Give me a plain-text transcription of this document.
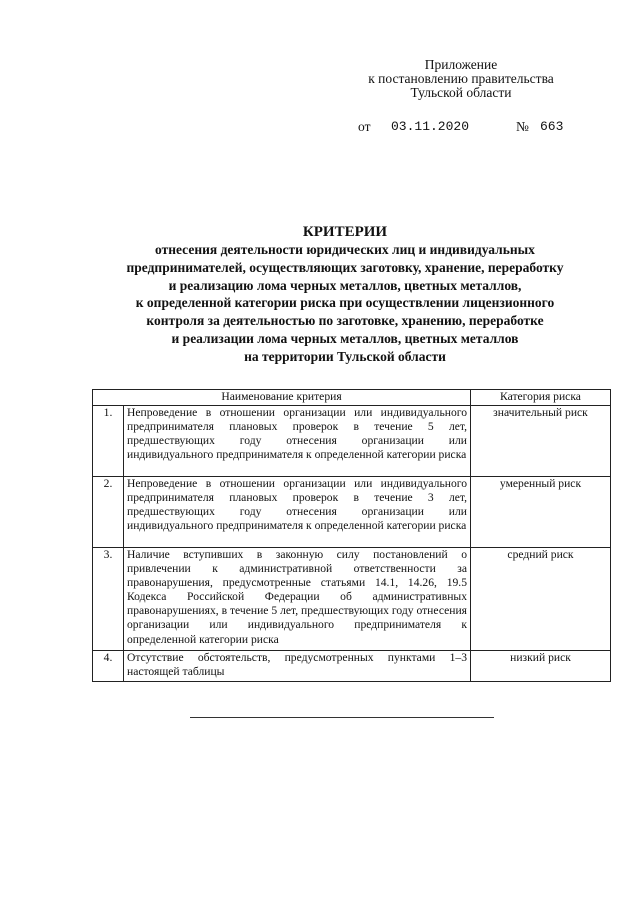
Приложение
к постановлению правительства
Тульской области
от 03.11.2020	№ 663

КРИТЕРИИ

отнесения деятельности юридических лиц и индивидуальных

предпринимателей, осуществляющих заготовку, хранение, переработку

и реализацию лома черных металлов, цветных металлов,

к определенной категории риска при осуществлении лицензионного

контроля за деятельностью по заготовке, хранению, переработке

и реализации лома черных металлов, цветных металлов

на территории Тульской области

Наименование критерия		Категория риска
1.	Непроведение в отношении организации или индивидуального предпринимателя плановых проверок в течение 5 лет, предшествующих году отнесения организации или индивидуального предпринимателя к определенной категории риска	значительный риск
2.	Непроведение в отношении организации или индивидуального предпринимателя плановых проверок в течение 3 лет, предшествующих году отнесения организации или индивидуального предпринимателя к определенной категории риска	умеренный риск
3.	Наличие вступивших в законную силу постановлений о привлечении к административной ответственности за правонарушения, предусмотренные статьями 14.1, 14.26, 19.5 Кодекса Российской Федерации об административных правонарушениях, в течение 5 лет, предшествующих году отнесения организации или индивидуального предпринимателя к определенной категории риска	средний риск
4.	Отсутствие обстоятельств, предусмотренных пунктами 1–3 настоящей таблицы	низкий риск
